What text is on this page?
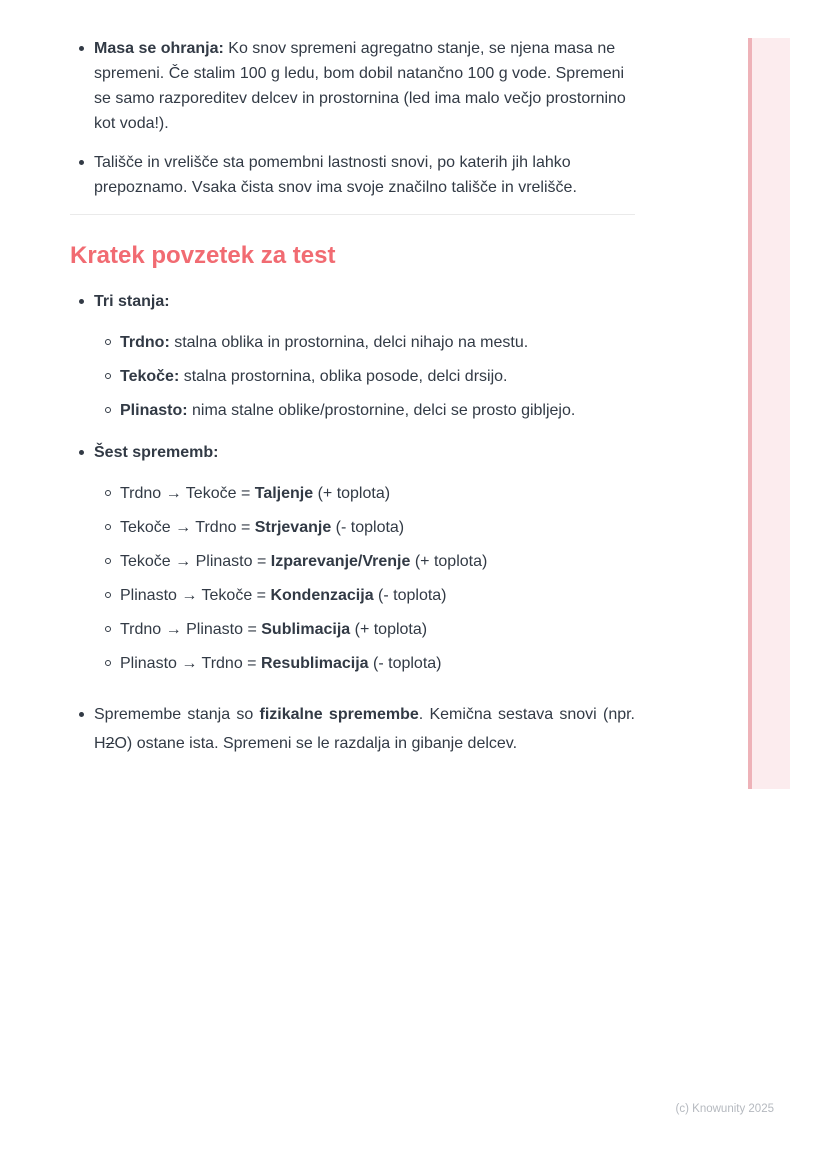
Masa se ohranja: Ko snov spremeni agregatno stanje, se njena masa ne spremeni. Če stalim 100 g ledu, bom dobil natančno 100 g vode. Spremeni se samo razporeditev delcev in prostornina (led ima malo večjo prostornino kot voda!).
Tališče in vrelišče sta pomembni lastnosti snovi, po katerih jih lahko prepoznamo. Vsaka čista snov ima svoje značilno tališče in vrelišče.
Kratek povzetek za test
Tri stanja:
Trdno: stalna oblika in prostornina, delci nihajo na mestu.
Tekoče: stalna prostornina, oblika posode, delci drsijo.
Plinasto: nima stalne oblike/prostornine, delci se prosto gibljejo.
Šest sprememb:
Trdno → Tekoče = Taljenje (+ toplota)
Tekoče → Trdno = Strjevanje (- toplota)
Tekoče → Plinasto = Izparevanje/Vrenje (+ toplota)
Plinasto → Tekoče = Kondenzacija (- toplota)
Trdno → Plinasto = Sublimacija (+ toplota)
Plinasto → Trdno = Resublimacija (- toplota)
Spremembe stanja so fizikalne spremembe. Kemična sestava snovi (npr. H2O) ostane ista. Spremeni se le razdalja in gibanje delcev.
(c) Knowunity 2025
